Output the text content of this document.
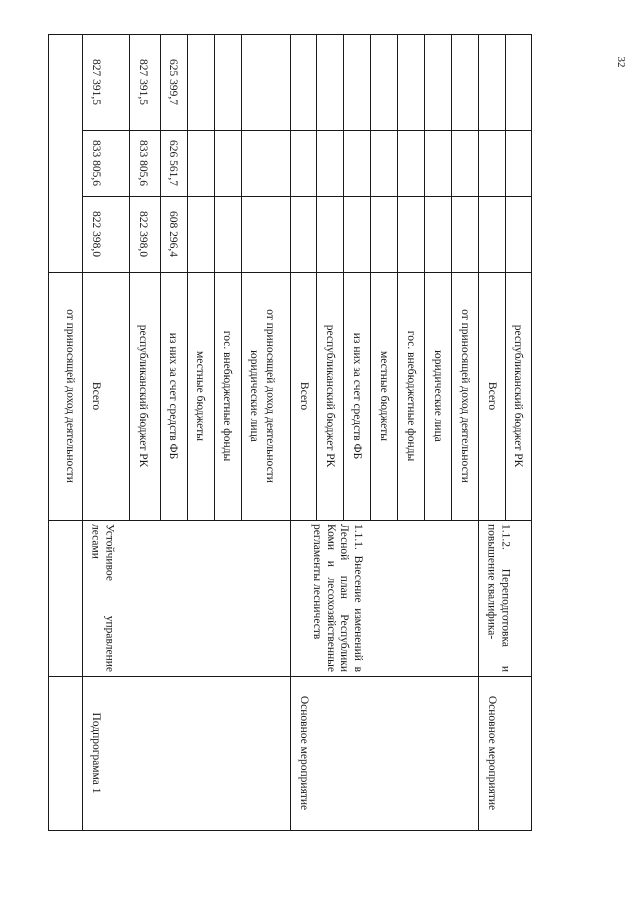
32
от приносящей доход деятельности
Подпрограмма 1
Устойчивое управление лесами
Всего
822 398,0
833 805,6
827 391,5
республиканский бюджет РК
822 398,0
833 805,6
827 391,5
из них за счет средств ФБ
608 296,4
626 561,7
625 399,7
местные бюджеты гос. внебюджетные фонды юридические лица от приносящей доход деятельности
Основное мероприятие
1.1.1. Внесение изменений в Лесной план Республики Коми и лесохозяйственные регламенты лесничеств
Всего республиканский бюджет РК из них за счет средств ФБ местные бюджеты гос. внебюджетные фонды юридические лица от приносящей доход деятельности
Основное мероприятие
1.1.2. Переподготовка и повышение квалифика-
Всего республиканский бюджет РК
